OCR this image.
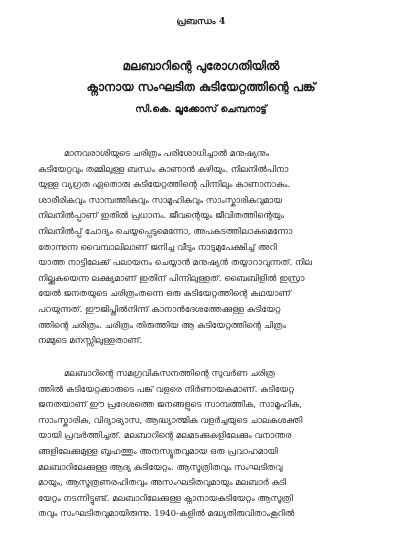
പ്രബന്ധം 4
മലബാറിന്റെ പുരോഗതിയിൽ
ക്നാനായ സംഘടിത കുടിയേറ്റത്തിന്റെ പങ്ക്
സി.കെ. ലൂക്കോസ് ചെമ്പനാട്ട്
മാനവരാശിയുടെ ചരിത്രം പരിശോധിച്ചാൽ മനുഷ്യനും
കുടിയേറ്റവും തമ്മിലുള്ള ബന്ധം കാണാൻ കഴിയും. നിലനിൽപിനാ
യുള്ള വ്യഗ്രത ഏതൊരു കുടിയേറ്റത്തിന്റെ പിന്നിലും കാണാനാകും.
ശാരീരികവും സാമ്പത്തികവും സാമൂഹികവും സാംസ്കാരികവുമായ
നിലനിൽപ്പാണ് ഇതിൽ പ്രധാനം. ജീവന്റെയും ജീവിതത്തിന്റെയും
നിലനിൽപ്പ് ചോദ്യം ചെയ്യപ്പെടുമെന്നോ, അപകടത്തിലാകുമെന്നോ
തോന്നുന്ന വൈമ്പാലിലാണ് ജനിച്ച വീടും നാടുമുപേക്ഷിച്ച് അറി
യാത്ത നാട്ടിലേക്ക് പലായനം ചെയ്യാൻ മനുഷ്യൻ തയ്യാറാവുന്നത്. നില
നില്ക്കുകയെന്ന ലക്ഷ്യമാണ് ഇതിന് പിന്നിലുള്ളത്. ബൈബിളിൽ ഇസ്രാ
യേൽ ജനതയുടെ ചരിത്രംതന്നെ ഒരു കുടിയേറ്റത്തിന്റെ കഥയാണ്
പറയുന്നത്. ഈജിപ്തിൽനിന്ന് കാനാൻദേശത്തേക്കുള്ള കുടിയേറ്റ
ത്തിന്റെ ചരിത്രം. ചരിത്രം തിരുത്തിയ ആ കുടിയേറ്റത്തിന്റെ ചിത്രം
നമ്മുടെ മനസ്സിലുള്ളതാണ്.
മലബാറിന്റെ സമഗ്രവികസനത്തിന്റെ സുവർണ ചരിത്ര
ത്തിൽ കുടിയേറ്റക്കാരുടെ പങ്ക് വളരെ നിർണായകമാണ്. കുടിയേറ്റ
ജനതയാണ് ഈ പ്രദേശത്തെ ജനങ്ങളുടെ സാമ്പത്തിക, സാമൂഹിക,
സാംസ്കാരിക, വിദ്യാഭ്യാസ, ആദ്ധ്യാത്മിക വളർച്ചയുടെ ചാലകശക്തി
യായി പ്രവർത്തിച്ചത്. മലബാറിന്റെ മലമടക്കുകളിലേക്കും വനാന്തര
ങ്ങളിലേക്കുമുള്ള ബൃഹത്തും അനസ്യൂതവുമായ ഒരു പ്രവാഹമായി
മലബാറിലേക്കുള്ള ആദ്യ കുടിയേറ്റം. ആസൂത്രിതവും സംഘടിതവു
മായും, ആസൂത്രണരഹിതവും അസംഘടിതവുമായും മലബാർ കുടി
യേറ്റം നടന്നിട്ടുണ്ട്. മലബാറിലേക്കുള്ള ക്നാനായകുടിയേറ്റം ആസൂത്രി
തവും സംഘടിതവുമായിരുന്നു. 1940-കളിൽ മദ്ധ്യതിരുവിതാംകൂറിൽ
